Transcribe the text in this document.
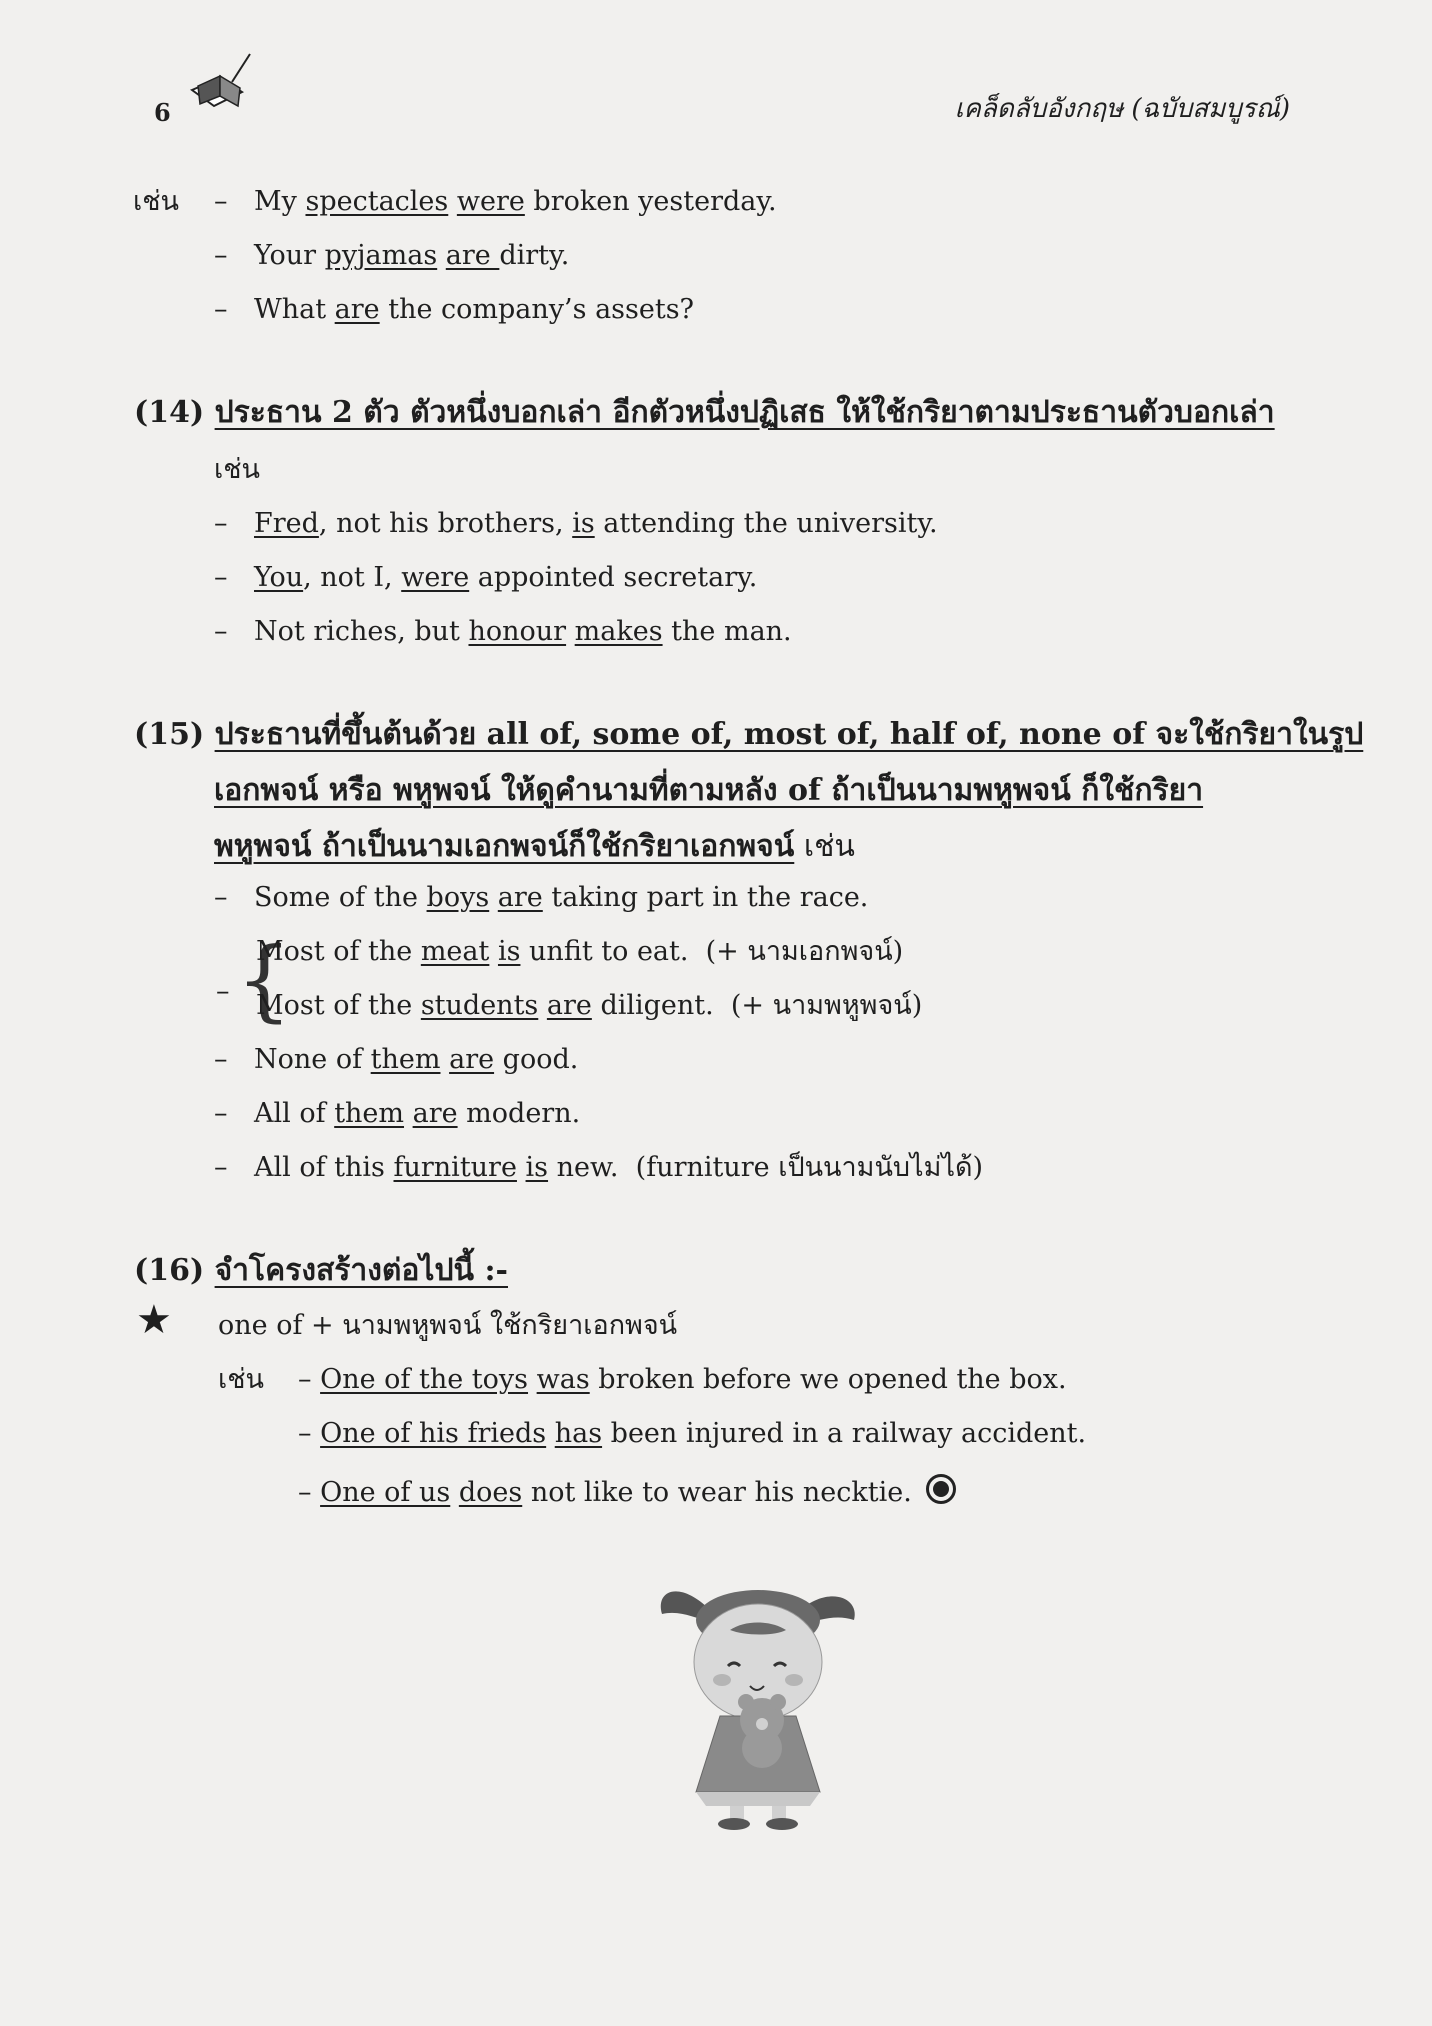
6	เคล็ดลับอังกฤษ (ฉบับสมบูรณ์)
เช่น – My spectacles were broken yesterday.
– Your pyjamas are dirty.
– What are the company’s assets?
(14) ประธาน 2 ตัว ตัวหนึ่งบอกเล่า อีกตัวหนึ่งปฏิเสธ ให้ใช้กริยาตามประธานตัวบอกเล่า
เช่น
– Fred, not his brothers, is attending the university.
– You, not I, were appointed secretary.
– Not riches, but honour makes the man.
(15) ประธานที่ขึ้นต้นด้วย all of, some of, most of, half of, none of จะใช้กริยาในรูป
เอกพจน์ หรือ พหูพจน์ ให้ดูคำนามที่ตามหลัง of ถ้าเป็นนามพหูพจน์ ก็ใช้กริยา
พหูพจน์ ถ้าเป็นนามเอกพจน์ก็ใช้กริยาเอกพจน์ เช่น
– Some of the boys are taking part in the race.
– {
Most of the meat is unfit to eat. (+ นามเอกพจน์)
Most of the students are diligent. (+ นามพหูพจน์)
– None of them are good.
– All of them are modern.
– All of this furniture is new. (furniture เป็นนามนับไม่ได้)
(16) จำโครงสร้างต่อไปนี้ :-
★ one of + นามพหูพจน์ ใช้กริยาเอกพจน์
เช่น – One of the toys was broken before we opened the box.
– One of his frieds has been injured in a railway accident.
– One of us does not like to wear his necktie.
